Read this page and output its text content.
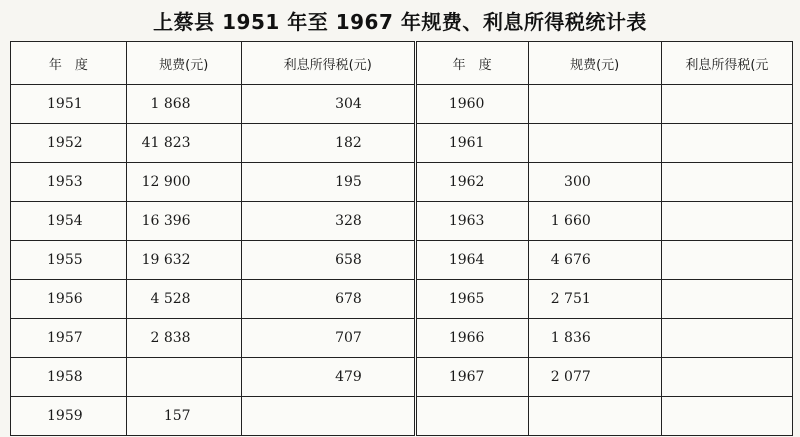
上蔡县 1951 年至 1967 年规费、利息所得税统计表
年　度	规费(元)	利息所得税(元)	年　度	规费(元)	利息所得税(元
1951	1 868	304	1960		
1952	41 823	182	1961		
1953	12 900	195	1962	300	
1954	16 396	328	1963	1 660	
1955	19 632	658	1964	4 676	
1956	4 528	678	1965	2 751	
1957	2 838	707	1966	1 836	
1958		479	1967	2 077	
1959	157				
